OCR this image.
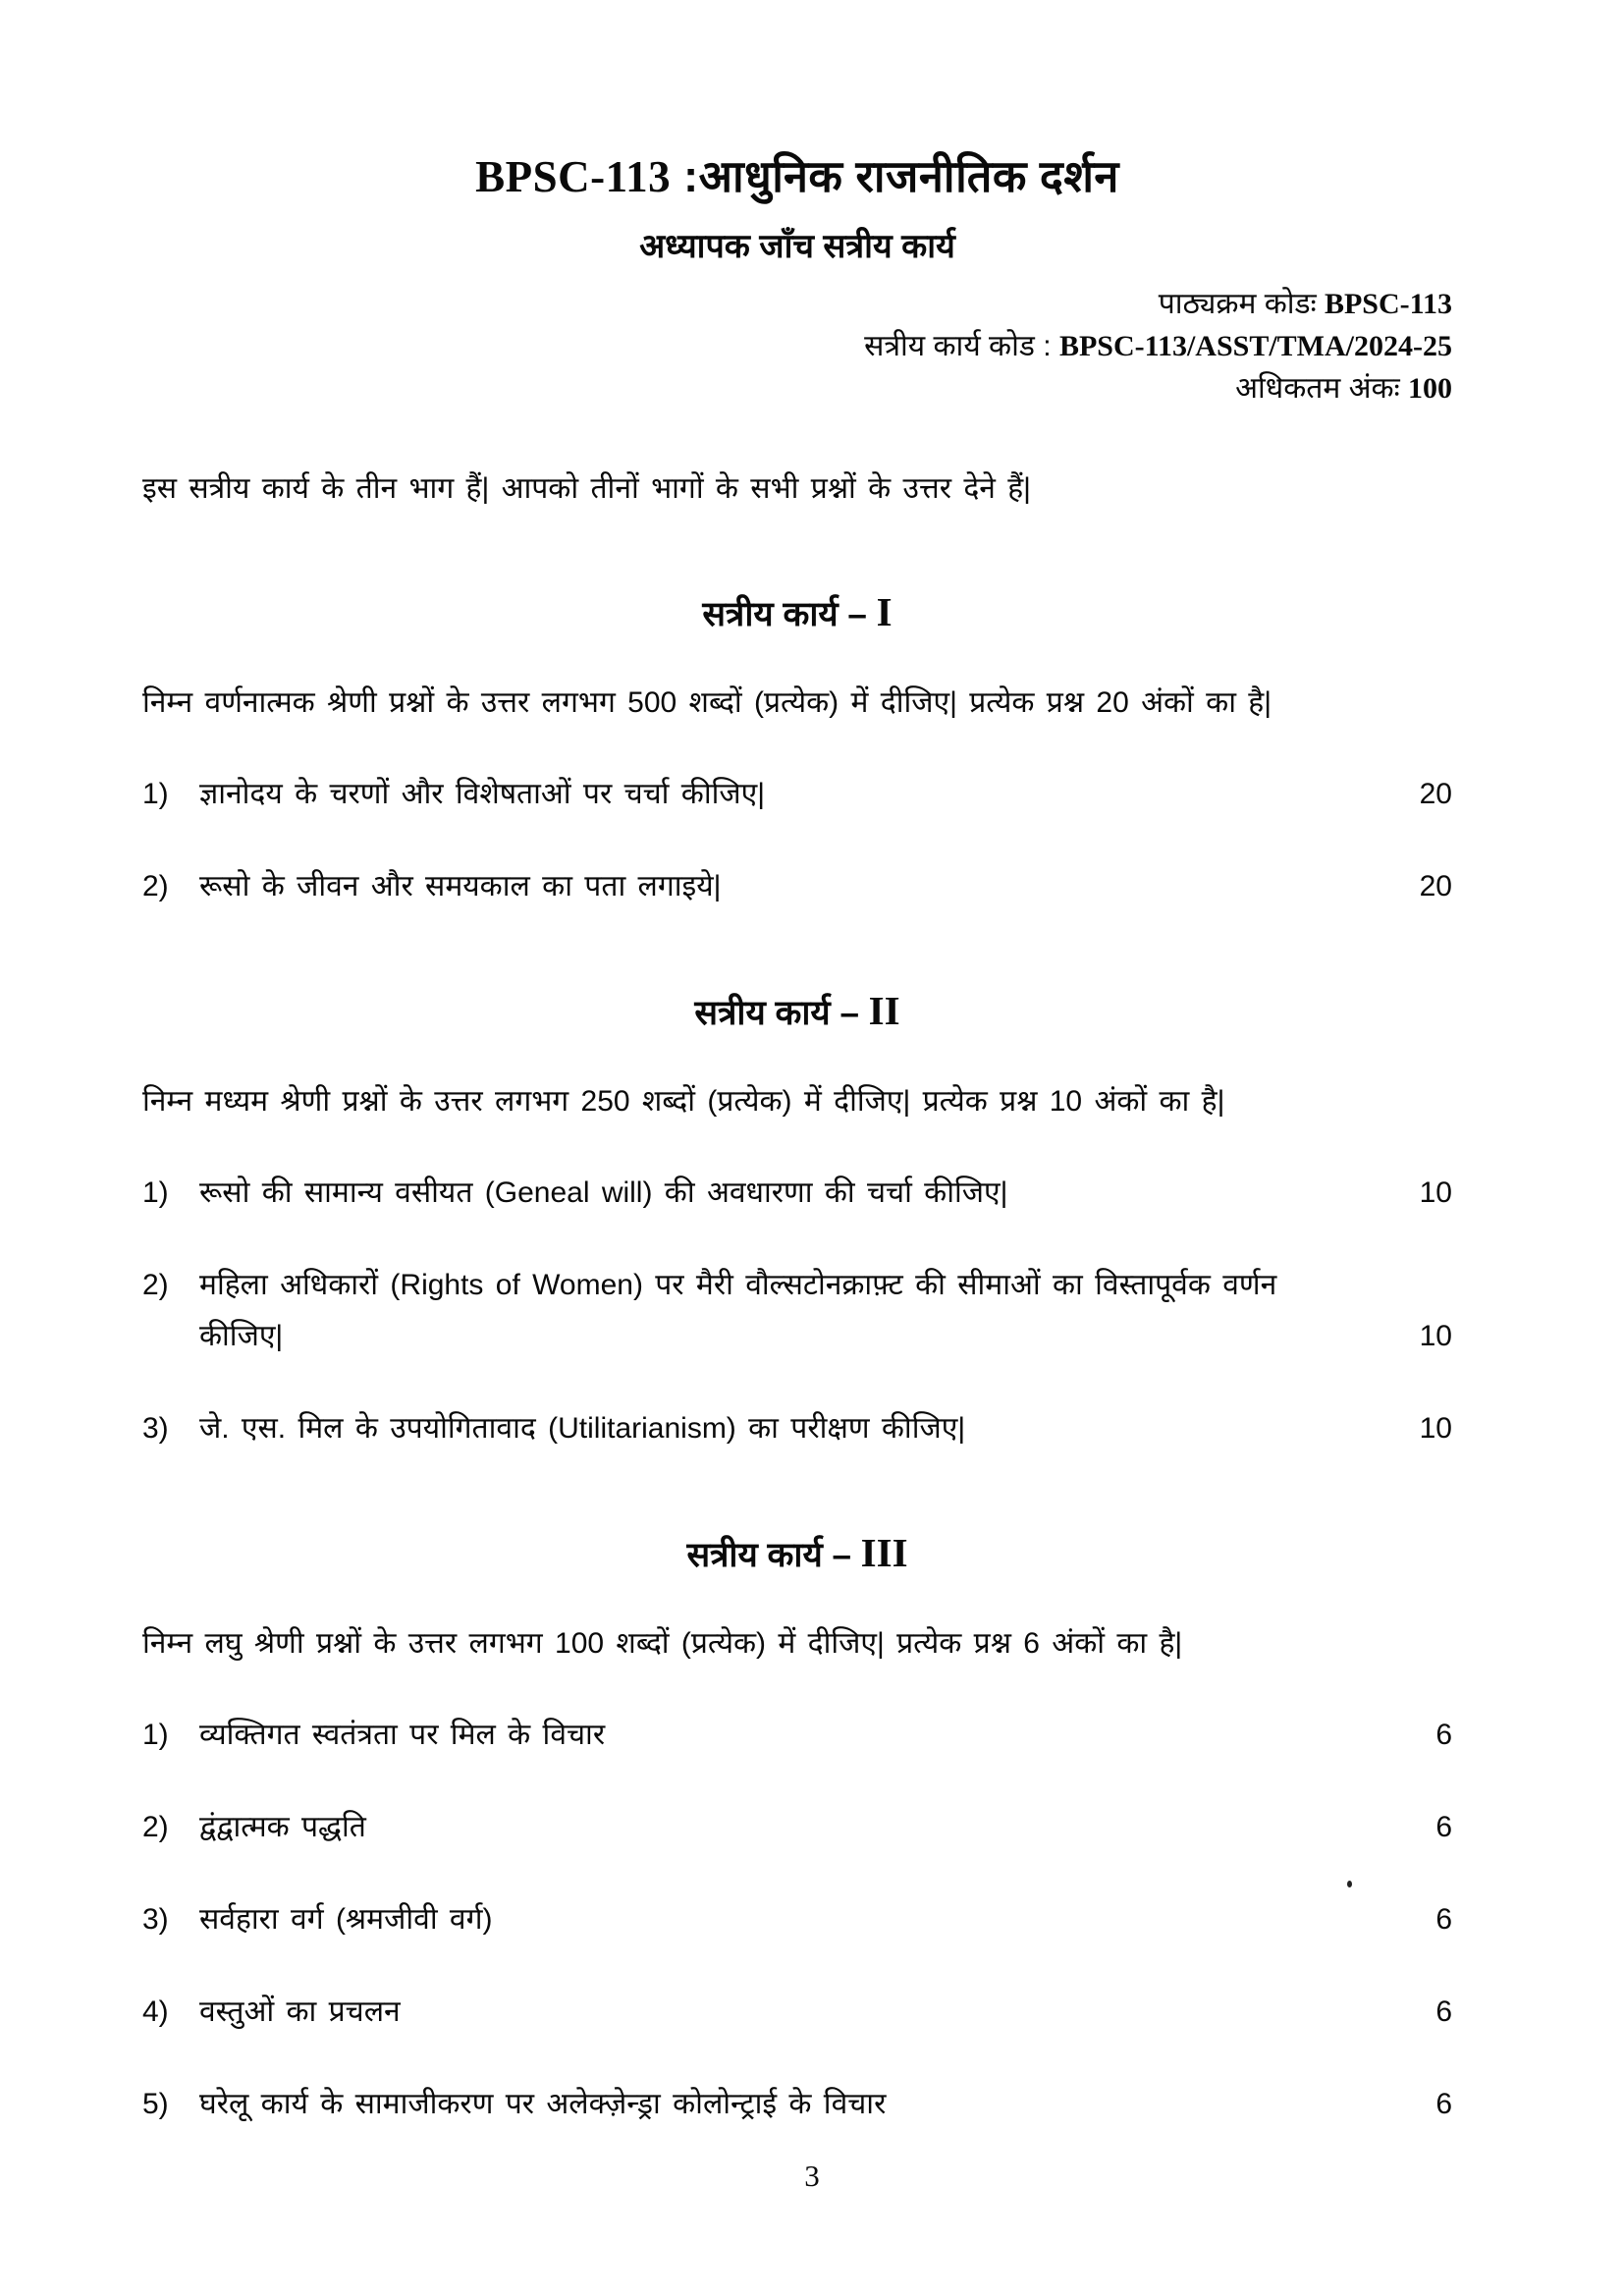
BPSC-113 :आधुनिक राजनीतिक दर्शन
अध्यापक जाँच सत्रीय कार्य
पाठ्यक्रम कोडः BPSC-113
सत्रीय कार्य कोड : BPSC-113/ASST/TMA/2024-25
अधिकतम अंकः 100
इस सत्रीय कार्य के तीन भाग हैं| आपको तीनों भागों के सभी प्रश्नों के उत्तर देने हैं|
सत्रीय कार्य – I
निम्न वर्णनात्मक श्रेणी प्रश्नों के उत्तर लगभग 500 शब्दों (प्रत्येक) में दीजिए| प्रत्येक प्रश्न 20 अंकों का है|
1)	ज्ञानोदय के चरणों और विशेषताओं पर चर्चा कीजिए|	20
2)	रूसो के जीवन और समयकाल का पता लगाइये|	20
सत्रीय कार्य – II
निम्न मध्यम श्रेणी प्रश्नों के उत्तर लगभग 250 शब्दों (प्रत्येक) में दीजिए| प्रत्येक प्रश्न 10 अंकों का है|
1)	रूसो की सामान्य वसीयत (Geneal will) की अवधारणा की चर्चा कीजिए|	10
2)	महिला अधिकारों (Rights of Women) पर मैरी वौल्सटोनक्राफ़्ट की सीमाओं का विस्तापूर्वक वर्णन कीजिए|	10
3)	जे. एस. मिल के उपयोगितावाद (Utilitarianism) का परीक्षण कीजिए|	10
सत्रीय कार्य – III
निम्न लघु श्रेणी प्रश्नों के उत्तर लगभग 100 शब्दों (प्रत्येक) में दीजिए| प्रत्येक प्रश्न 6 अंकों का है|
1)	व्यक्तिगत स्वतंत्रता पर मिल के विचार	6
2)	द्वंद्वात्मक पद्धति	6
3)	सर्वहारा वर्ग (श्रमजीवी वर्ग)	6
4)	वस्तुओं का प्रचलन	6
5)	घरेलू कार्य के सामाजीकरण पर अलेक्ज़ेन्ड्रा कोलोन्ट्राई के विचार	6
3
